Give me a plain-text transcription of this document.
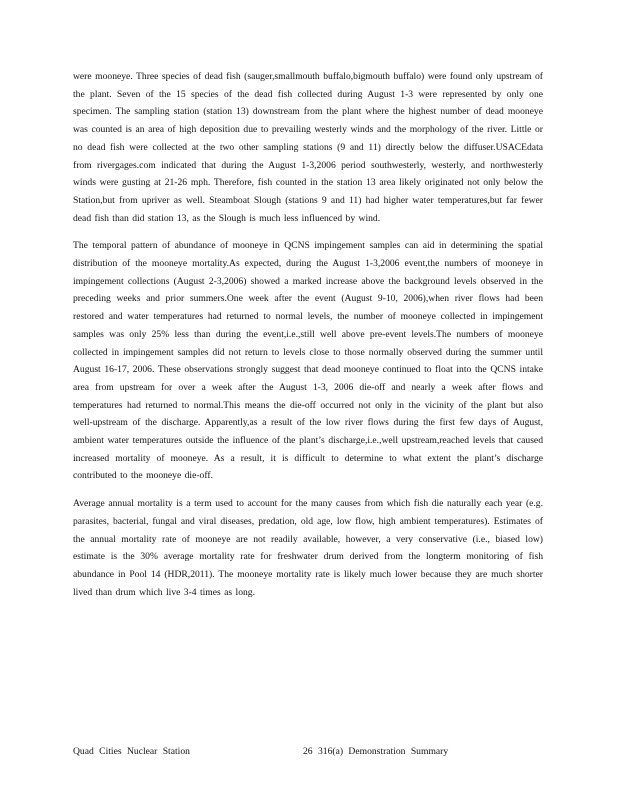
were mooneye. Three species of dead fish (sauger,smallmouth buffalo,bigmouth buffalo) were found only upstream of the plant. Seven of the 15 species of the dead fish collected during August 1-3 were represented by only one specimen. The sampling station (station 13) downstream from the plant where the highest number of dead mooneye was counted is an area of high deposition due to prevailing westerly winds and the morphology of the river. Little or no dead fish were collected at the two other sampling stations (9 and 11) directly below the diffuser.USACEdata from rivergages.com indicated that during the August 1-3,2006 period southwesterly, westerly, and northwesterly winds were gusting at 21-26 mph. Therefore, fish counted in the station 13 area likely originated not only below the Station,but from upriver as well. Steamboat Slough (stations 9 and 11) had higher water temperatures,but far fewer dead fish than did station 13, as the Slough is much less influenced by wind.

The temporal pattern of abundance of mooneye in QCNS impingement samples can aid in determining the spatial distribution of the mooneye mortality.As expected, during the August 1-3,2006 event,the numbers of mooneye in impingement collections (August 2-3,2006) showed a marked increase above the background levels observed in the preceding weeks and prior summers.One week after the event (August 9-10, 2006),when river flows had been restored and water temperatures had returned to normal levels, the number of mooneye collected in impingement samples was only 25% less than during the event,i.e.,still well above pre-event levels.The numbers of mooneye collected in impingement samples did not return to levels close to those normally observed during the summer until August 16-17, 2006. These observations strongly suggest that dead mooneye continued to float into the QCNS intake area from upstream for over a week after the August 1-3, 2006 die-off and nearly a week after flows and temperatures had returned to normal.This means the die-off occurred not only in the vicinity of the plant but also well-upstream of the discharge. Apparently,as a result of the low river flows during the first few days of August, ambient water temperatures outside the influence of the plant’s discharge,i.e.,well upstream,reached levels that caused increased mortality of mooneye. As a result, it is difficult to determine to what extent the plant’s discharge contributed to the mooneye die-off.

Average annual mortality is a term used to account for the many causes from which fish die naturally each year (e.g. parasites, bacterial, fungal and viral diseases, predation, old age, low flow, high ambient temperatures). Estimates of the annual mortality rate of mooneye are not readily available, however, a very conservative (i.e., biased low) estimate is the 30% average mortality rate for freshwater drum derived from the longterm monitoring of fish abundance in Pool 14 (HDR,2011). The mooneye mortality rate is likely much lower because they are much shorter lived than drum which live 3-4 times as long.

Quad Cities Nuclear Station	26 316(a) Demonstration Summary
